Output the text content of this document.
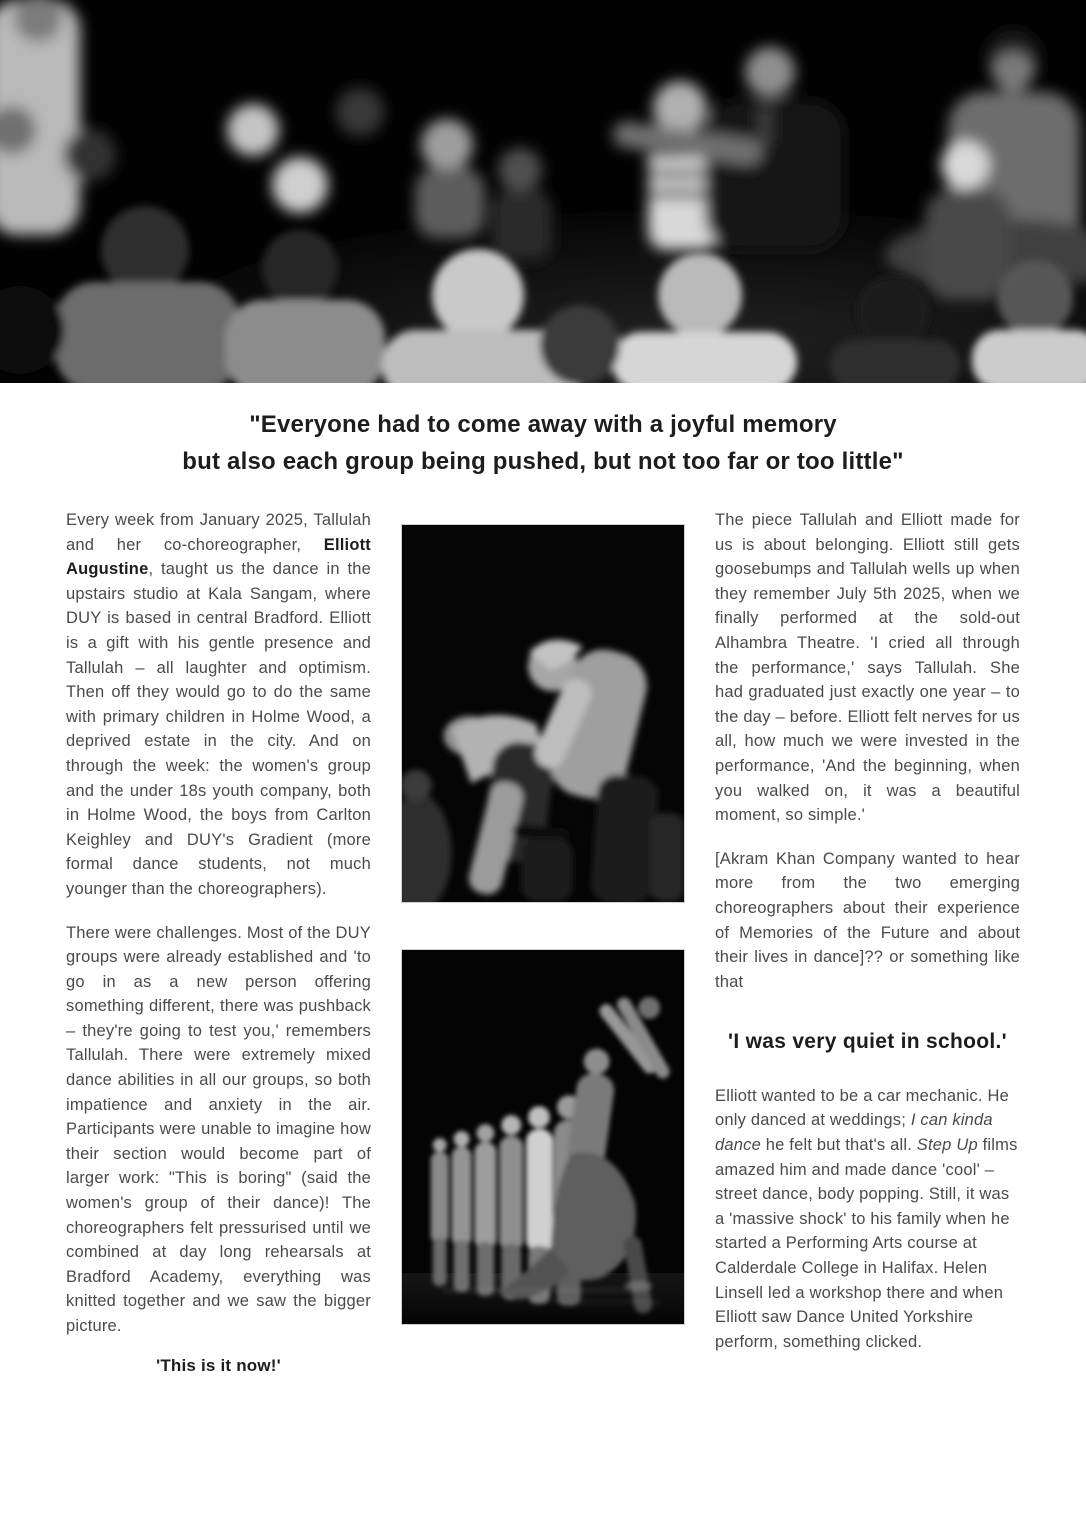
"Everyone had to come away with a joyful memory
but also each group being pushed, but not too far or too little"

Every week from January 2025, Tallulah and her co-choreographer, Elliott Augustine, taught us the dance in the upstairs studio at Kala Sangam, where DUY is based in central Bradford. Elliott is a gift with his gentle presence and Tallulah – all laughter and optimism. Then off they would go to do the same with primary children in Holme Wood, a deprived estate in the city. And on through the week: the women's group and the under 18s youth company, both in Holme Wood, the boys from Carlton Keighley and DUY's Gradient (more formal dance students, not much younger than the choreographers).

There were challenges. Most of the DUY groups were already established and 'to go in as a new person offering something different, there was pushback – they're going to test you,' remembers Tallulah. There were extremely mixed dance abilities in all our groups, so both impatience and anxiety in the air. Participants were unable to imagine how their section would become part of larger work: "This is boring" (said the women's group of their dance)! The choreographers felt pressurised until we combined at day long rehearsals at Bradford Academy, everything was knitted together and we saw the bigger picture.

'This is it now!'

The piece Tallulah and Elliott made for us is about belonging. Elliott still gets goosebumps and Tallulah wells up when they remember July 5th 2025, when we finally performed at the sold-out Alhambra Theatre. 'I cried all through the performance,' says Tallulah. She had graduated just exactly one year – to the day – before. Elliott felt nerves for us all, how much we were invested in the performance, 'And the beginning, when you walked on, it was a beautiful moment, so simple.'

[Akram Khan Company wanted to hear more from the two emerging choreographers about their experience of Memories of the Future and about their lives in dance]?? or something like that

'I was very quiet in school.'

Elliott wanted to be a car mechanic. He only danced at weddings; I can kinda dance he felt but that's all. Step Up films amazed him and made dance 'cool' – street dance, body popping. Still, it was a 'massive shock' to his family when he started a Performing Arts course at Calderdale College in Halifax. Helen Linsell led a workshop there and when Elliott saw Dance United Yorkshire perform, something clicked.
